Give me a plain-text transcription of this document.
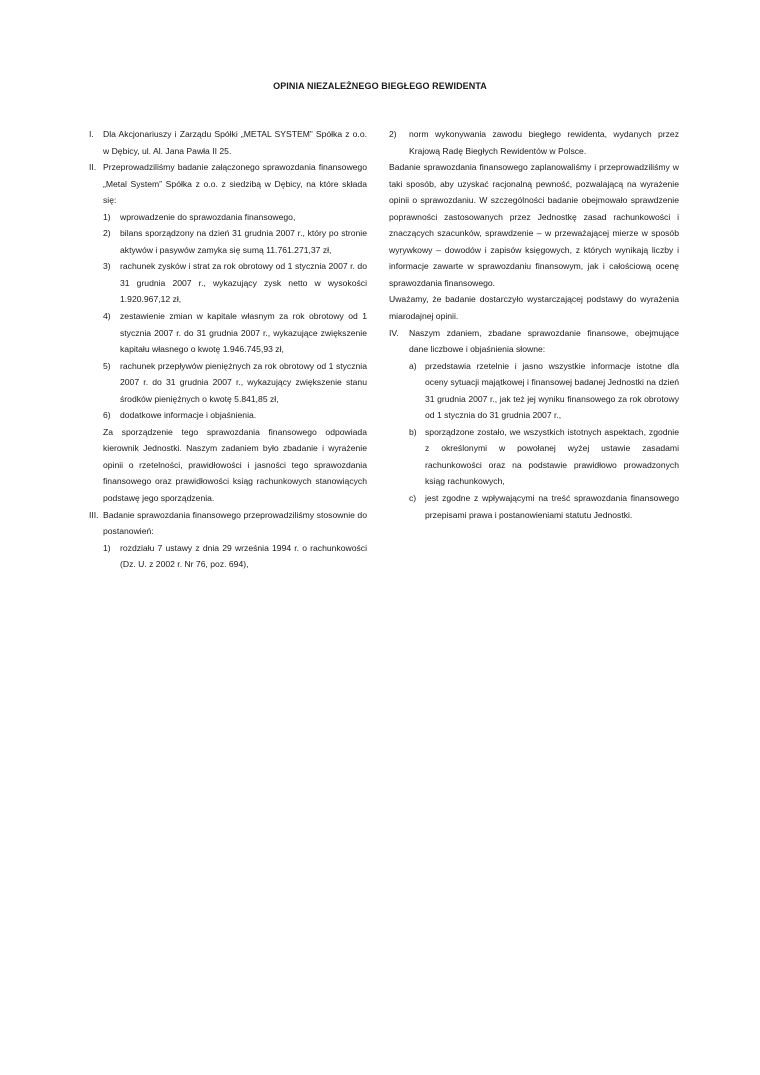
OPINIA NIEZALEŻNEGO BIEGŁEGO REWIDENTA
I. Dla Akcjonariuszy i Zarządu Spółki „METAL SYSTEM” Spółka z o.o. w Dębicy, ul. Al. Jana Pawła II 25.
II. Przeprowadziliśmy badanie załączonego sprawozdania finansowego „Metal System” Spółka z o.o. z siedzibą w Dębicy, na które składa się:
1) wprowadzenie do sprawozdania finansowego,
2) bilans sporządzony na dzień 31 grudnia 2007 r., który po stronie aktywów i pasywów zamyka się sumą 11.761.271,37 zł,
3) rachunek zysków i strat za rok obrotowy od 1 stycznia 2007 r. do 31 grudnia 2007 r., wykazujący zysk netto w wysokości 1.920.967,12 zł,
4) zestawienie zmian w kapitale własnym za rok obrotowy od 1 stycznia 2007 r. do 31 grudnia 2007 r., wykazujące zwiększenie kapitału własnego o kwotę 1.946.745,93 zł,
5) rachunek przepływów pieniężnych za rok obrotowy od 1 stycznia 2007 r. do 31 grudnia 2007 r., wykazujący zwiększenie stanu środków pieniężnych o kwotę 5.841,85 zł,
6) dodatkowe informacje i objaśnienia.
Za sporządzenie tego sprawozdania finansowego odpowiada kierownik Jednostki. Naszym zadaniem było zbadanie i wyrażenie opinii o rzetelności, prawidłowości i jasności tego sprawozdania finansowego oraz prawidłowości ksiąg rachunkowych stanowiących podstawę jego sporządzenia.
III. Badanie sprawozdania finansowego przeprowadziliśmy stosownie do postanowień:
1) rozdziału 7 ustawy z dnia 29 września 1994 r. o rachunkowości (Dz. U. z 2002 r. Nr 76, poz. 694),
2) norm wykonywania zawodu biegłego rewidenta, wydanych przez Krajową Radę Biegłych Rewidentów w Polsce.
Badanie sprawozdania finansowego zaplanowaliśmy i przeprowadziliśmy w taki sposób, aby uzyskać racjonalną pewność, pozwalającą na wyrażenie opinii o sprawozdaniu. W szczególności badanie obejmowało sprawdzenie poprawności zastosowanych przez Jednostkę zasad rachunkowości i znaczących szacunków, sprawdzenie – w przeważającej mierze w sposób wyrywkowy – dowodów i zapisów księgowych, z których wynikają liczby i informacje zawarte w sprawozdaniu finansowym, jak i całościową ocenę sprawozdania finansowego.
Uważamy, że badanie dostarczyło wystarczającej podstawy do wyrażenia miarodajnej opinii.
IV. Naszym zdaniem, zbadane sprawozdanie finansowe, obejmujące dane liczbowe i objaśnienia słowne:
a) przedstawia rzetelnie i jasno wszystkie informacje istotne dla oceny sytuacji majątkowej i finansowej badanej Jednostki na dzień 31 grudnia 2007 r., jak też jej wyniku finansowego za rok obrotowy od 1 stycznia do 31 grudnia 2007 r.,
b) sporządzone zostało, we wszystkich istotnych aspektach, zgodnie z określonymi w powołanej wyżej ustawie zasadami rachunkowości oraz na podstawie prawidłowo prowadzonych ksiąg rachunkowych,
c) jest zgodne z wpływającymi na treść sprawozdania finansowego przepisami prawa i postanowieniami statutu Jednostki.
